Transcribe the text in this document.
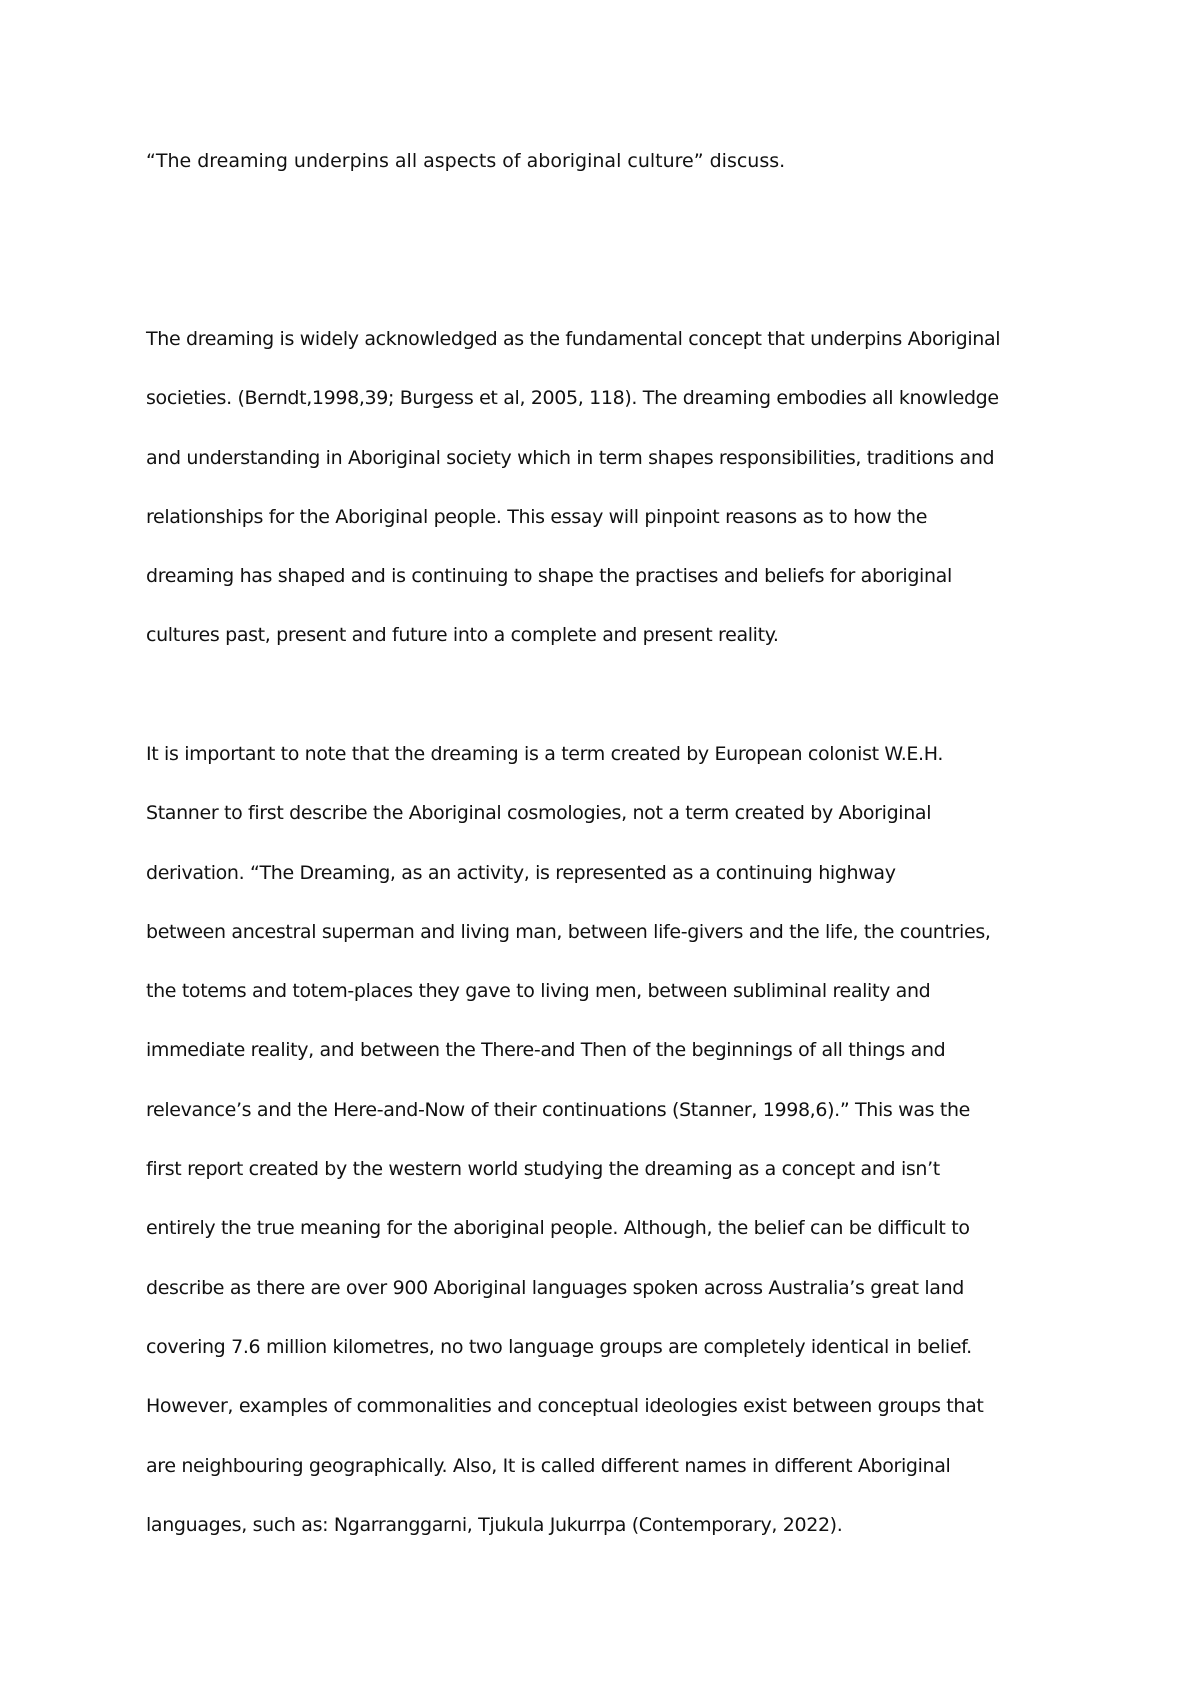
“The dreaming underpins all aspects of aboriginal culture” discuss.

The dreaming is widely acknowledged as the fundamental concept that underpins Aboriginal
societies. (Berndt,1998,39; Burgess et al, 2005, 118). The dreaming embodies all knowledge
and understanding in Aboriginal society which in term shapes responsibilities, traditions and
relationships for the Aboriginal people. This essay will pinpoint reasons as to how the
dreaming has shaped and is continuing to shape the practises and beliefs for aboriginal
cultures past, present and future into a complete and present reality.
It is important to note that the dreaming is a term created by European colonist W.E.H.
Stanner to first describe the Aboriginal cosmologies, not a term created by Aboriginal
derivation. “The Dreaming, as an activity, is represented as a continuing highway
between ancestral superman and living man, between life-givers and the life, the countries,
the totems and totem-places they gave to living men, between subliminal reality and
immediate reality, and between the There-and Then of the beginnings of all things and
relevance’s and the Here-and-Now of their continuations (Stanner, 1998,6).” This was the
first report created by the western world studying the dreaming as a concept and isn’t
entirely the true meaning for the aboriginal people. Although, the belief can be difficult to
describe as there are over 900 Aboriginal languages spoken across Australia’s great land
covering 7.6 million kilometres, no two language groups are completely identical in belief.
However, examples of commonalities and conceptual ideologies exist between groups that
are neighbouring geographically. Also, It is called different names in different Aboriginal
languages, such as: Ngarranggarni, Tjukula Jukurrpa (Contemporary, 2022).
